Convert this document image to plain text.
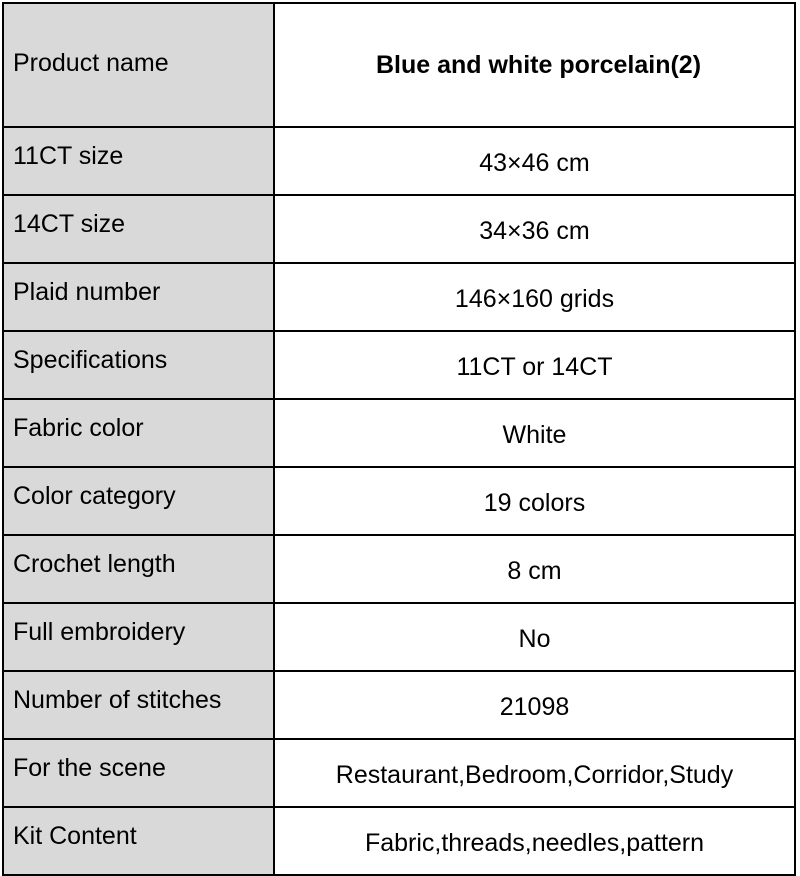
Product name	Blue and white porcelain(2)
11CT size	43×46 cm
14CT size	34×36 cm
Plaid number	146×160 grids
Specifications	11CT or 14CT
Fabric color	White
Color category	19 colors
Crochet length	8 cm
Full embroidery	No
Number of stitches	21098
For the scene	Restaurant,Bedroom,Corridor,Study
Kit Content	Fabric,threads,needles,pattern
